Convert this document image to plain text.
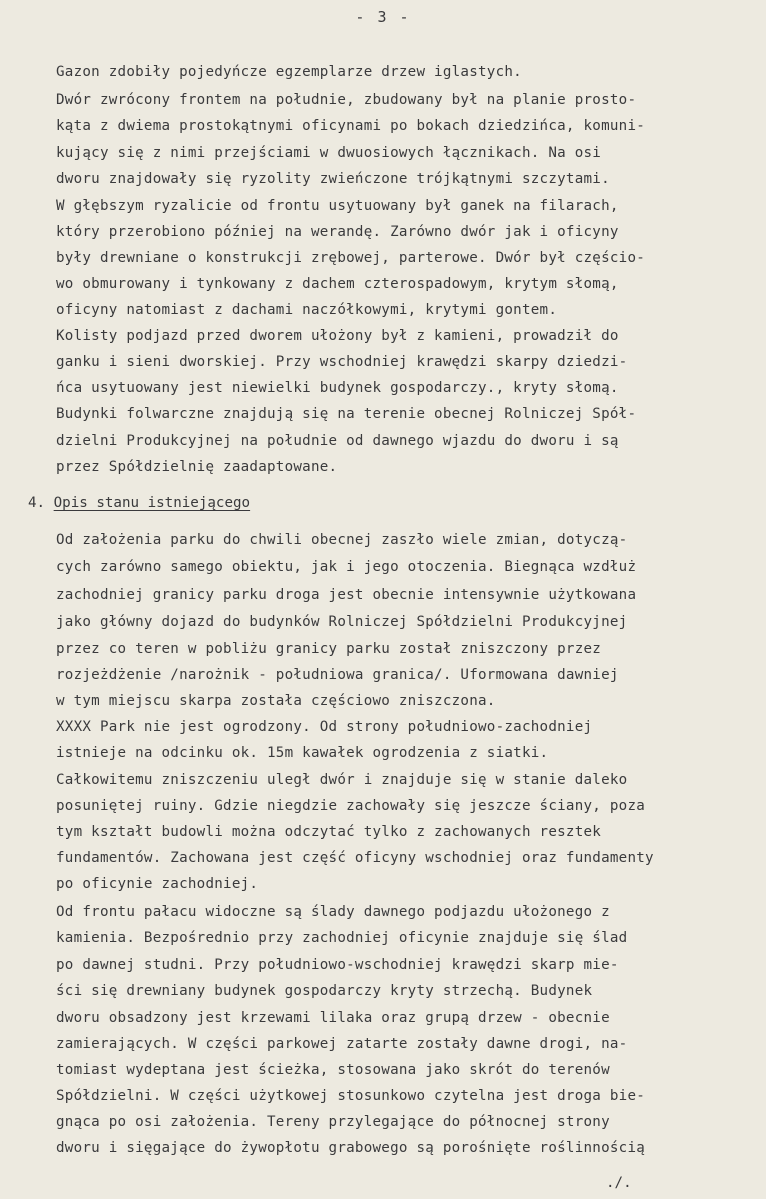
- 3 -
Gazon zdobiły pojedyńcze egzemplarze drzew iglastych.
Dwór zwrócony frontem na południe, zbudowany był na planie prosto-
kąta z dwiema prostokątnymi oficynami po bokach dziedzińca, komuni-
kujący się z nimi przejściami w dwuosiowych łącznikach. Na osi
dworu znajdowały się ryzolity zwieńczone trójkątnymi szczytami.
W głębszym ryzalicie od frontu usytuowany był ganek na filarach,
który przerobiono później na werandę. Zarówno dwór jak i oficyny
były drewniane o konstrukcji zrębowej, parterowe. Dwór był częścio-
wo obmurowany i tynkowany z dachem czterospadowym, krytym słomą,
oficyny natomiast z dachami naczółkowymi, krytymi gontem.
Kolisty podjazd przed dworem ułożony był z kamieni, prowadził do
ganku i sieni dworskiej. Przy wschodniej krawędzi skarpy dziedzi-
ńca usytuowany jest niewielki budynek gospodarczy., kryty słomą.
Budynki folwarczne znajdują się na terenie obecnej Rolniczej Spół-
dzielni Produkcyjnej na południe od dawnego wjazdu do dworu i są
przez Spółdzielnię zaadaptowane.
4. Opis stanu istniejącego
Od założenia parku do chwili obecnej zaszło wiele zmian, dotyczą-
cych zarówno samego obiektu, jak i jego otoczenia. Biegnąca wzdłuż
zachodniej granicy parku droga jest obecnie intensywnie użytkowana
jako główny dojazd do budynków Rolniczej Spółdzielni Produkcyjnej
przez co teren w pobliżu granicy parku został zniszczony przez
rozjeżdżenie /narożnik - południowa granica/. Uformowana dawniej
w tym miejscu skarpa została częściowo zniszczona.
XXXX Park nie jest ogrodzony. Od strony południowo-zachodniej
istnieje na odcinku ok. 15m kawałek ogrodzenia z siatki.
Całkowitemu zniszczeniu uległ dwór i znajduje się w stanie daleko
posuniętej ruiny. Gdzie niegdzie zachowały się jeszcze ściany, poza
tym kształt budowli można odczytać tylko z zachowanych resztek
fundamentów. Zachowana jest część oficyny wschodniej oraz fundamenty
po oficynie zachodniej.
Od frontu pałacu widoczne są ślady dawnego podjazdu ułożonego z
kamienia. Bezpośrednio przy zachodniej oficynie znajduje się ślad
po dawnej studni. Przy południowo-wschodniej krawędzi skarp mie-
ści się drewniany budynek gospodarczy kryty strzechą. Budynek
dworu obsadzony jest krzewami lilaka oraz grupą drzew - obecnie
zamierających. W części parkowej zatarte zostały dawne drogi, na-
tomiast wydeptana jest ścieżka, stosowana jako skrót do terenów
Spółdzielni. W części użytkowej stosunkowo czytelna jest droga bie-
gnąca po osi założenia. Tereny przylegające do północnej strony
dworu i sięgające do żywopłotu grabowego są porośnięte roślinnością
./.
